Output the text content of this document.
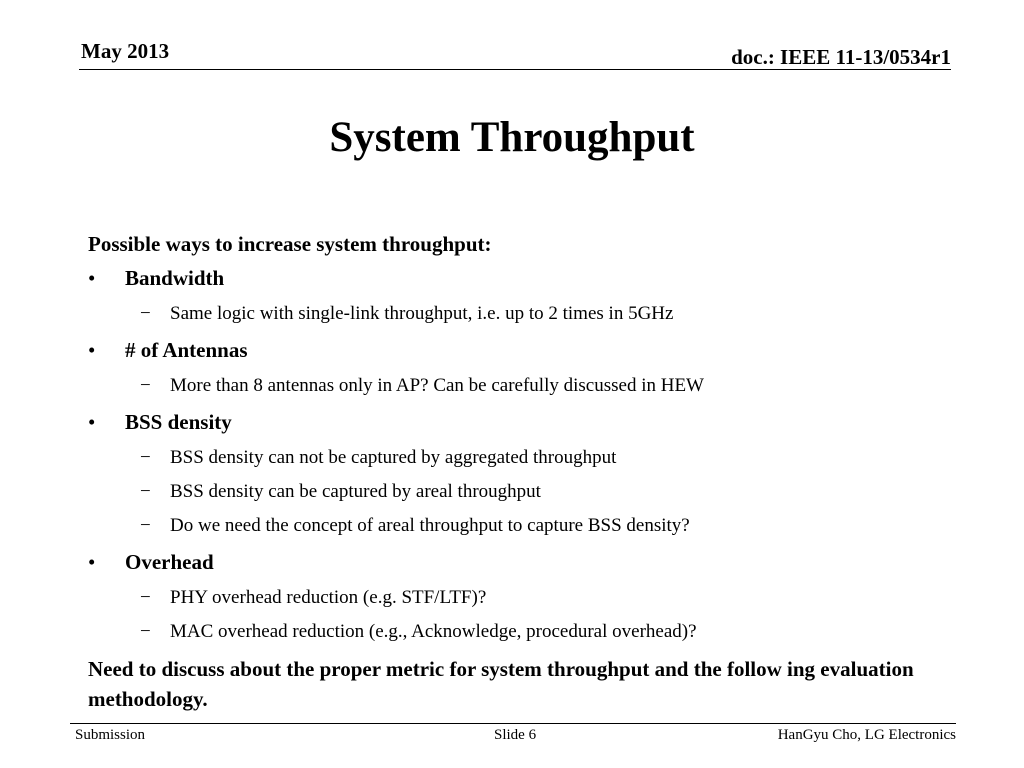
May 2013	doc.: IEEE 11-13/0534r1
System Throughput
Possible ways to increase system throughput:
• Bandwidth
− Same logic with single-link throughput, i.e. up to 2 times in 5GHz
• # of Antennas
− More than 8 antennas only in AP? Can be carefully discussed in HEW
• BSS density
− BSS density can not be captured by aggregated throughput
− BSS density can be captured by areal throughput
− Do we need the concept of areal throughput to capture BSS density?
• Overhead
− PHY overhead reduction (e.g. STF/LTF)?
− MAC overhead reduction (e.g., Acknowledge, procedural overhead)?
Need to discuss about the proper metric for system throughput and the follow ing evaluation methodology.
Submission	Slide 6	HanGyu Cho, LG Electronics
